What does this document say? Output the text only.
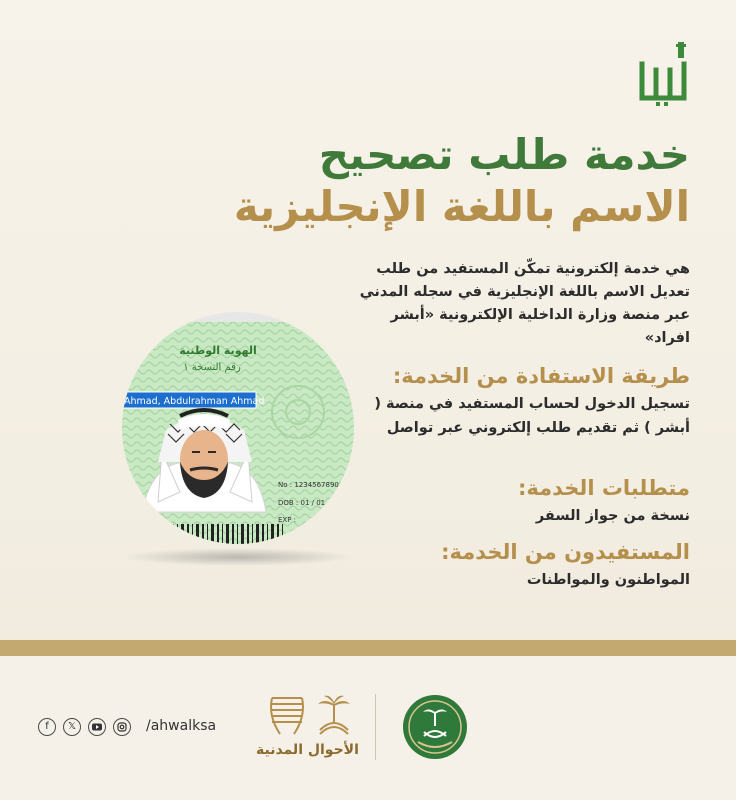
خدمة طلب تصحيح
الاسم باللغة الإنجليزية
هي خدمة إلكترونية تمكّن المستفيد من طلب تعديل الاسم باللغة الإنجليزية في سجله المدني عبر منصة وزارة الداخلية الإلكترونية «أبشر افراد»
طريقة الاستفادة من الخدمة:
تسجيل الدخول لحساب المستفيد في منصة ( أبشر ) ثم تقديم طلب إلكتروني عبر تواصل
متطلبات الخدمة:
نسخة من جواز السفر
المستفيدون من الخدمة:
المواطنون والمواطنات
الهوية الوطنية
رقم النسخة ١
Ahmad, Abdulrahman Ahmad
No : 1234567890
DOB : 01 / 01 /
EXP :
f	𝕏	/ahwalksa
الأحوال المدنية
